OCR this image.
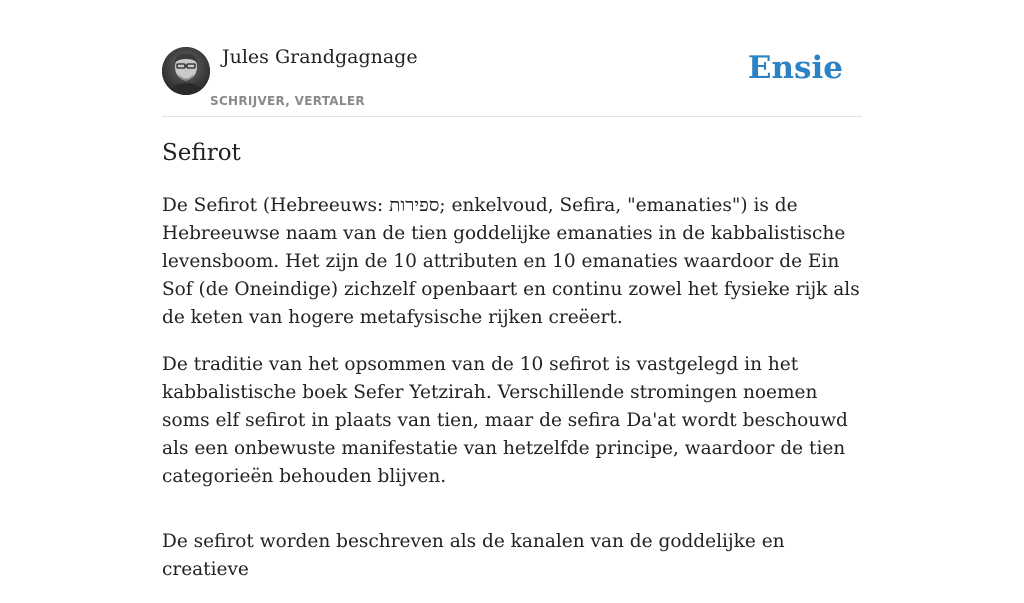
Jules Grandgagnage
SCHRIJVER, VERTALER
Ensie
Sefirot

De Sefirot (Hebreeuws: ספירות; enkelvoud, Sefira, "emanaties") is de Hebreeuwse naam van de tien goddelijke emanaties in de kabbalistische levensboom. Het zijn de 10 attributen en 10 emanaties waardoor de Ein Sof (de Oneindige) zichzelf openbaart en continu zowel het fysieke rijk als de keten van hogere metafysische rijken creëert.

De traditie van het opsommen van de 10 sefirot is vastgelegd in het kabbalistische boek Sefer Yetzirah. Verschillende stromingen noemen soms elf sefirot in plaats van tien, maar de sefira Da'at wordt beschouwd als een onbewuste manifestatie van hetzelfde principe, waardoor de tien categorieën behouden blijven.

De sefirot worden beschreven als de kanalen van de goddelijke en creatieve
